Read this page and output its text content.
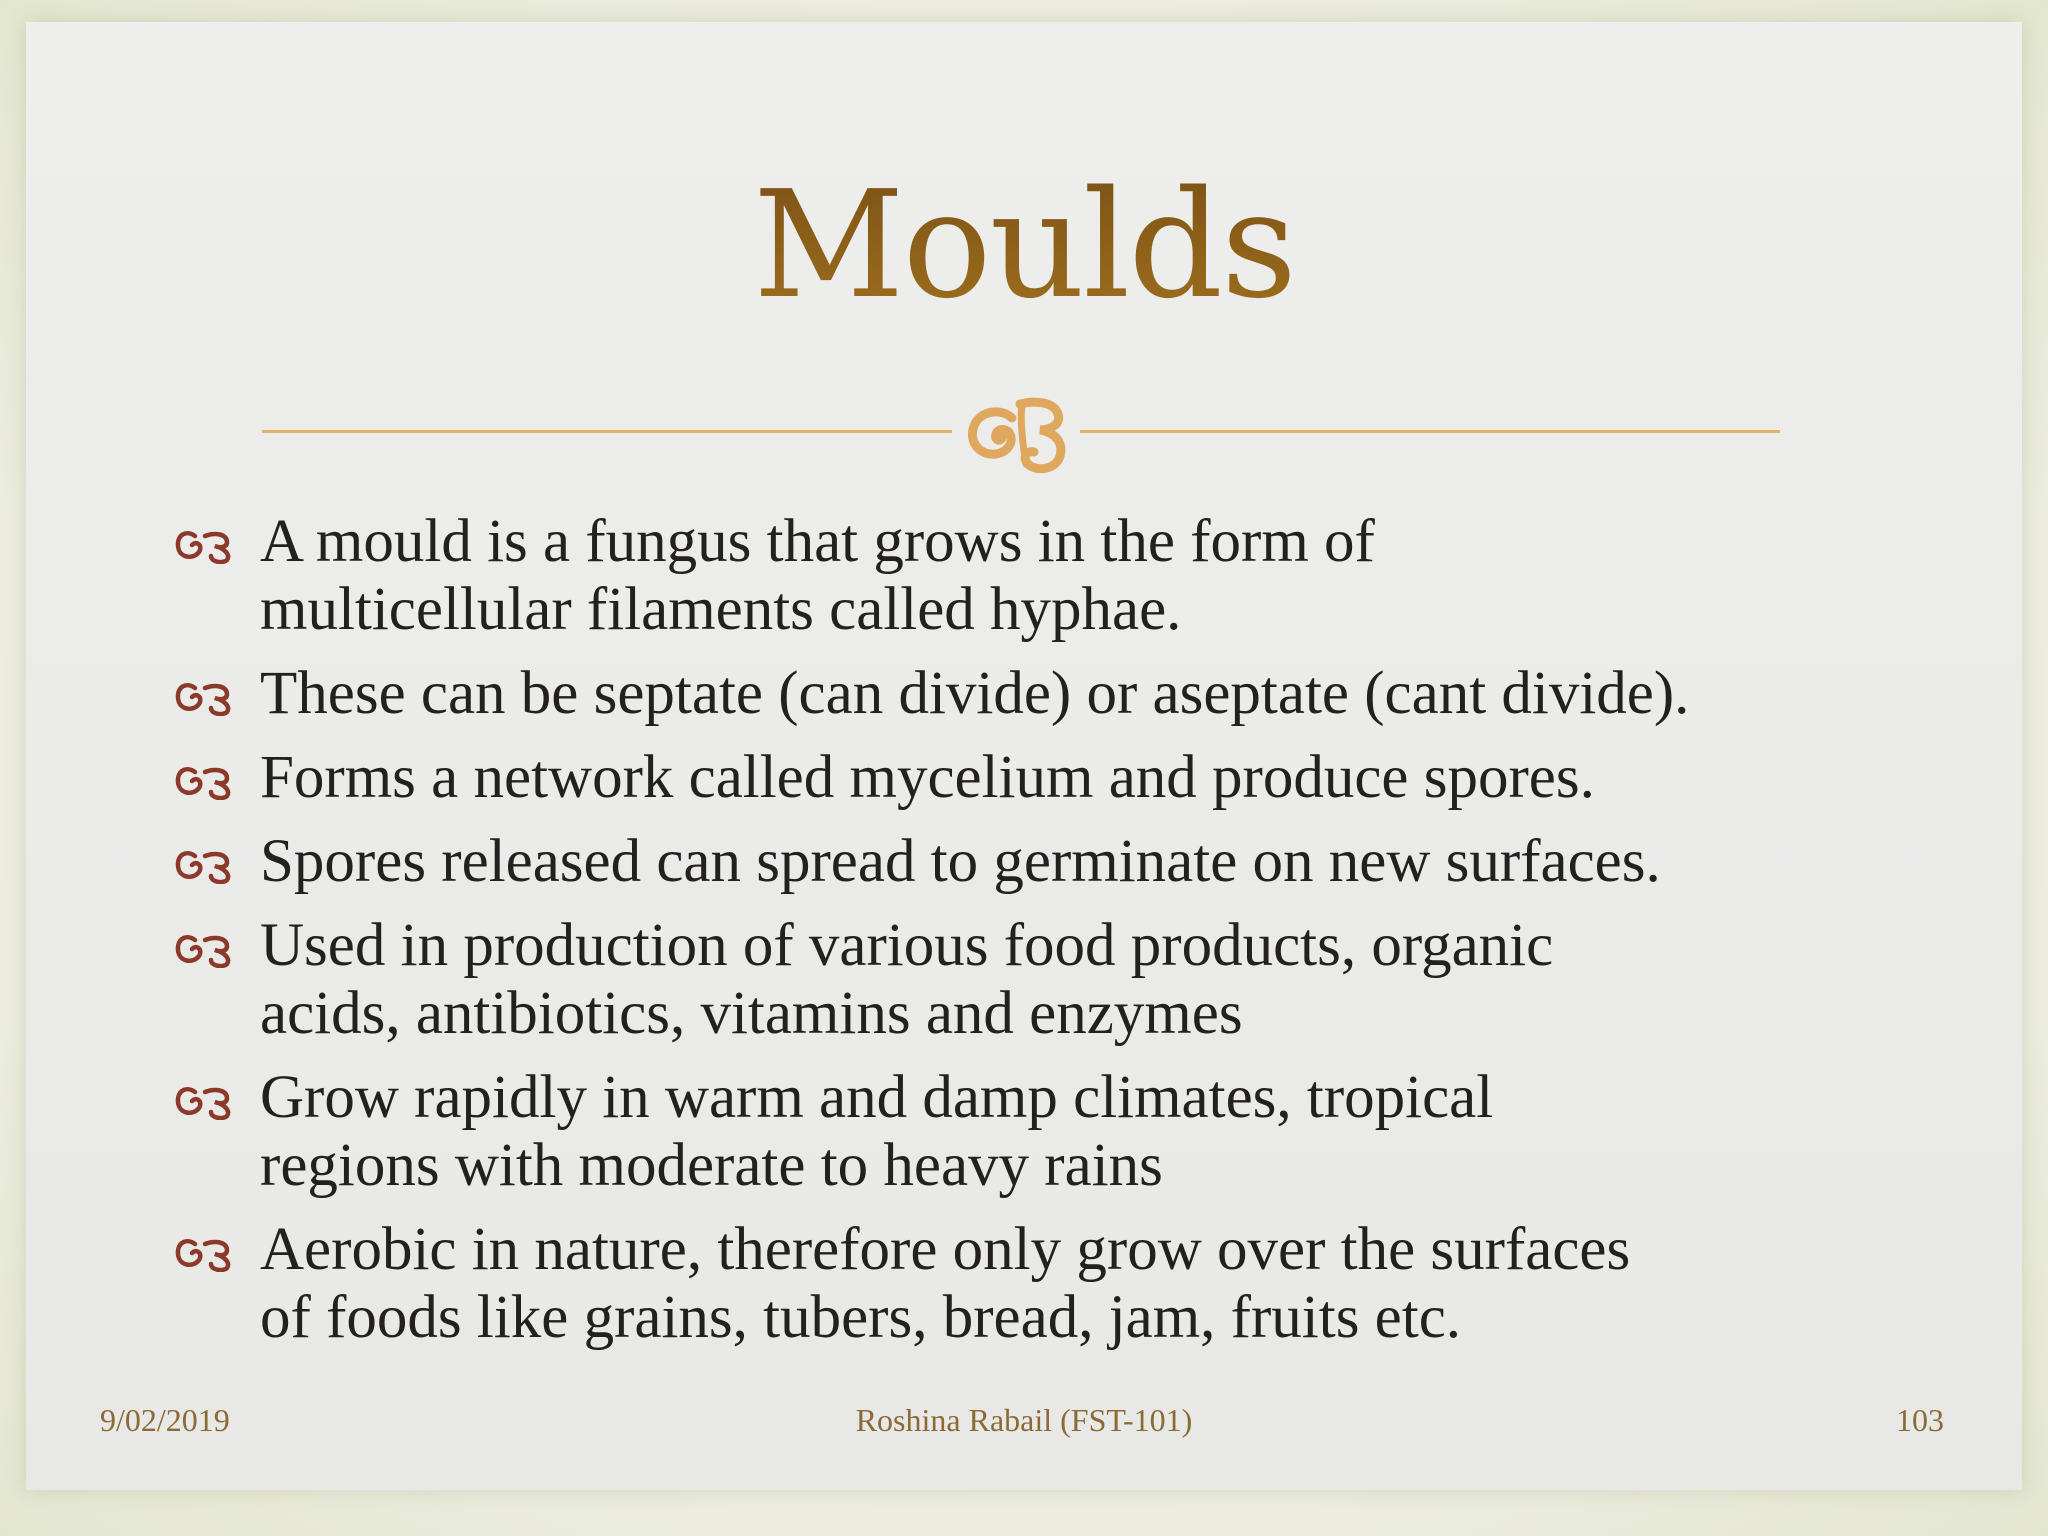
Moulds
A mould is a fungus that grows in the form of
multicellular filaments called hyphae.
These can be septate (can divide) or aseptate (cant divide).
Forms a network called mycelium and produce spores.
Spores released can spread to germinate on new surfaces.
Used in production of various food products, organic
acids, antibiotics, vitamins and enzymes
Grow rapidly in warm and damp climates, tropical
regions with moderate to heavy rains
Aerobic in nature, therefore only grow over the surfaces
of foods like grains, tubers, bread, jam, fruits etc.
9/02/2019	Roshina Rabail (FST-101)	103
